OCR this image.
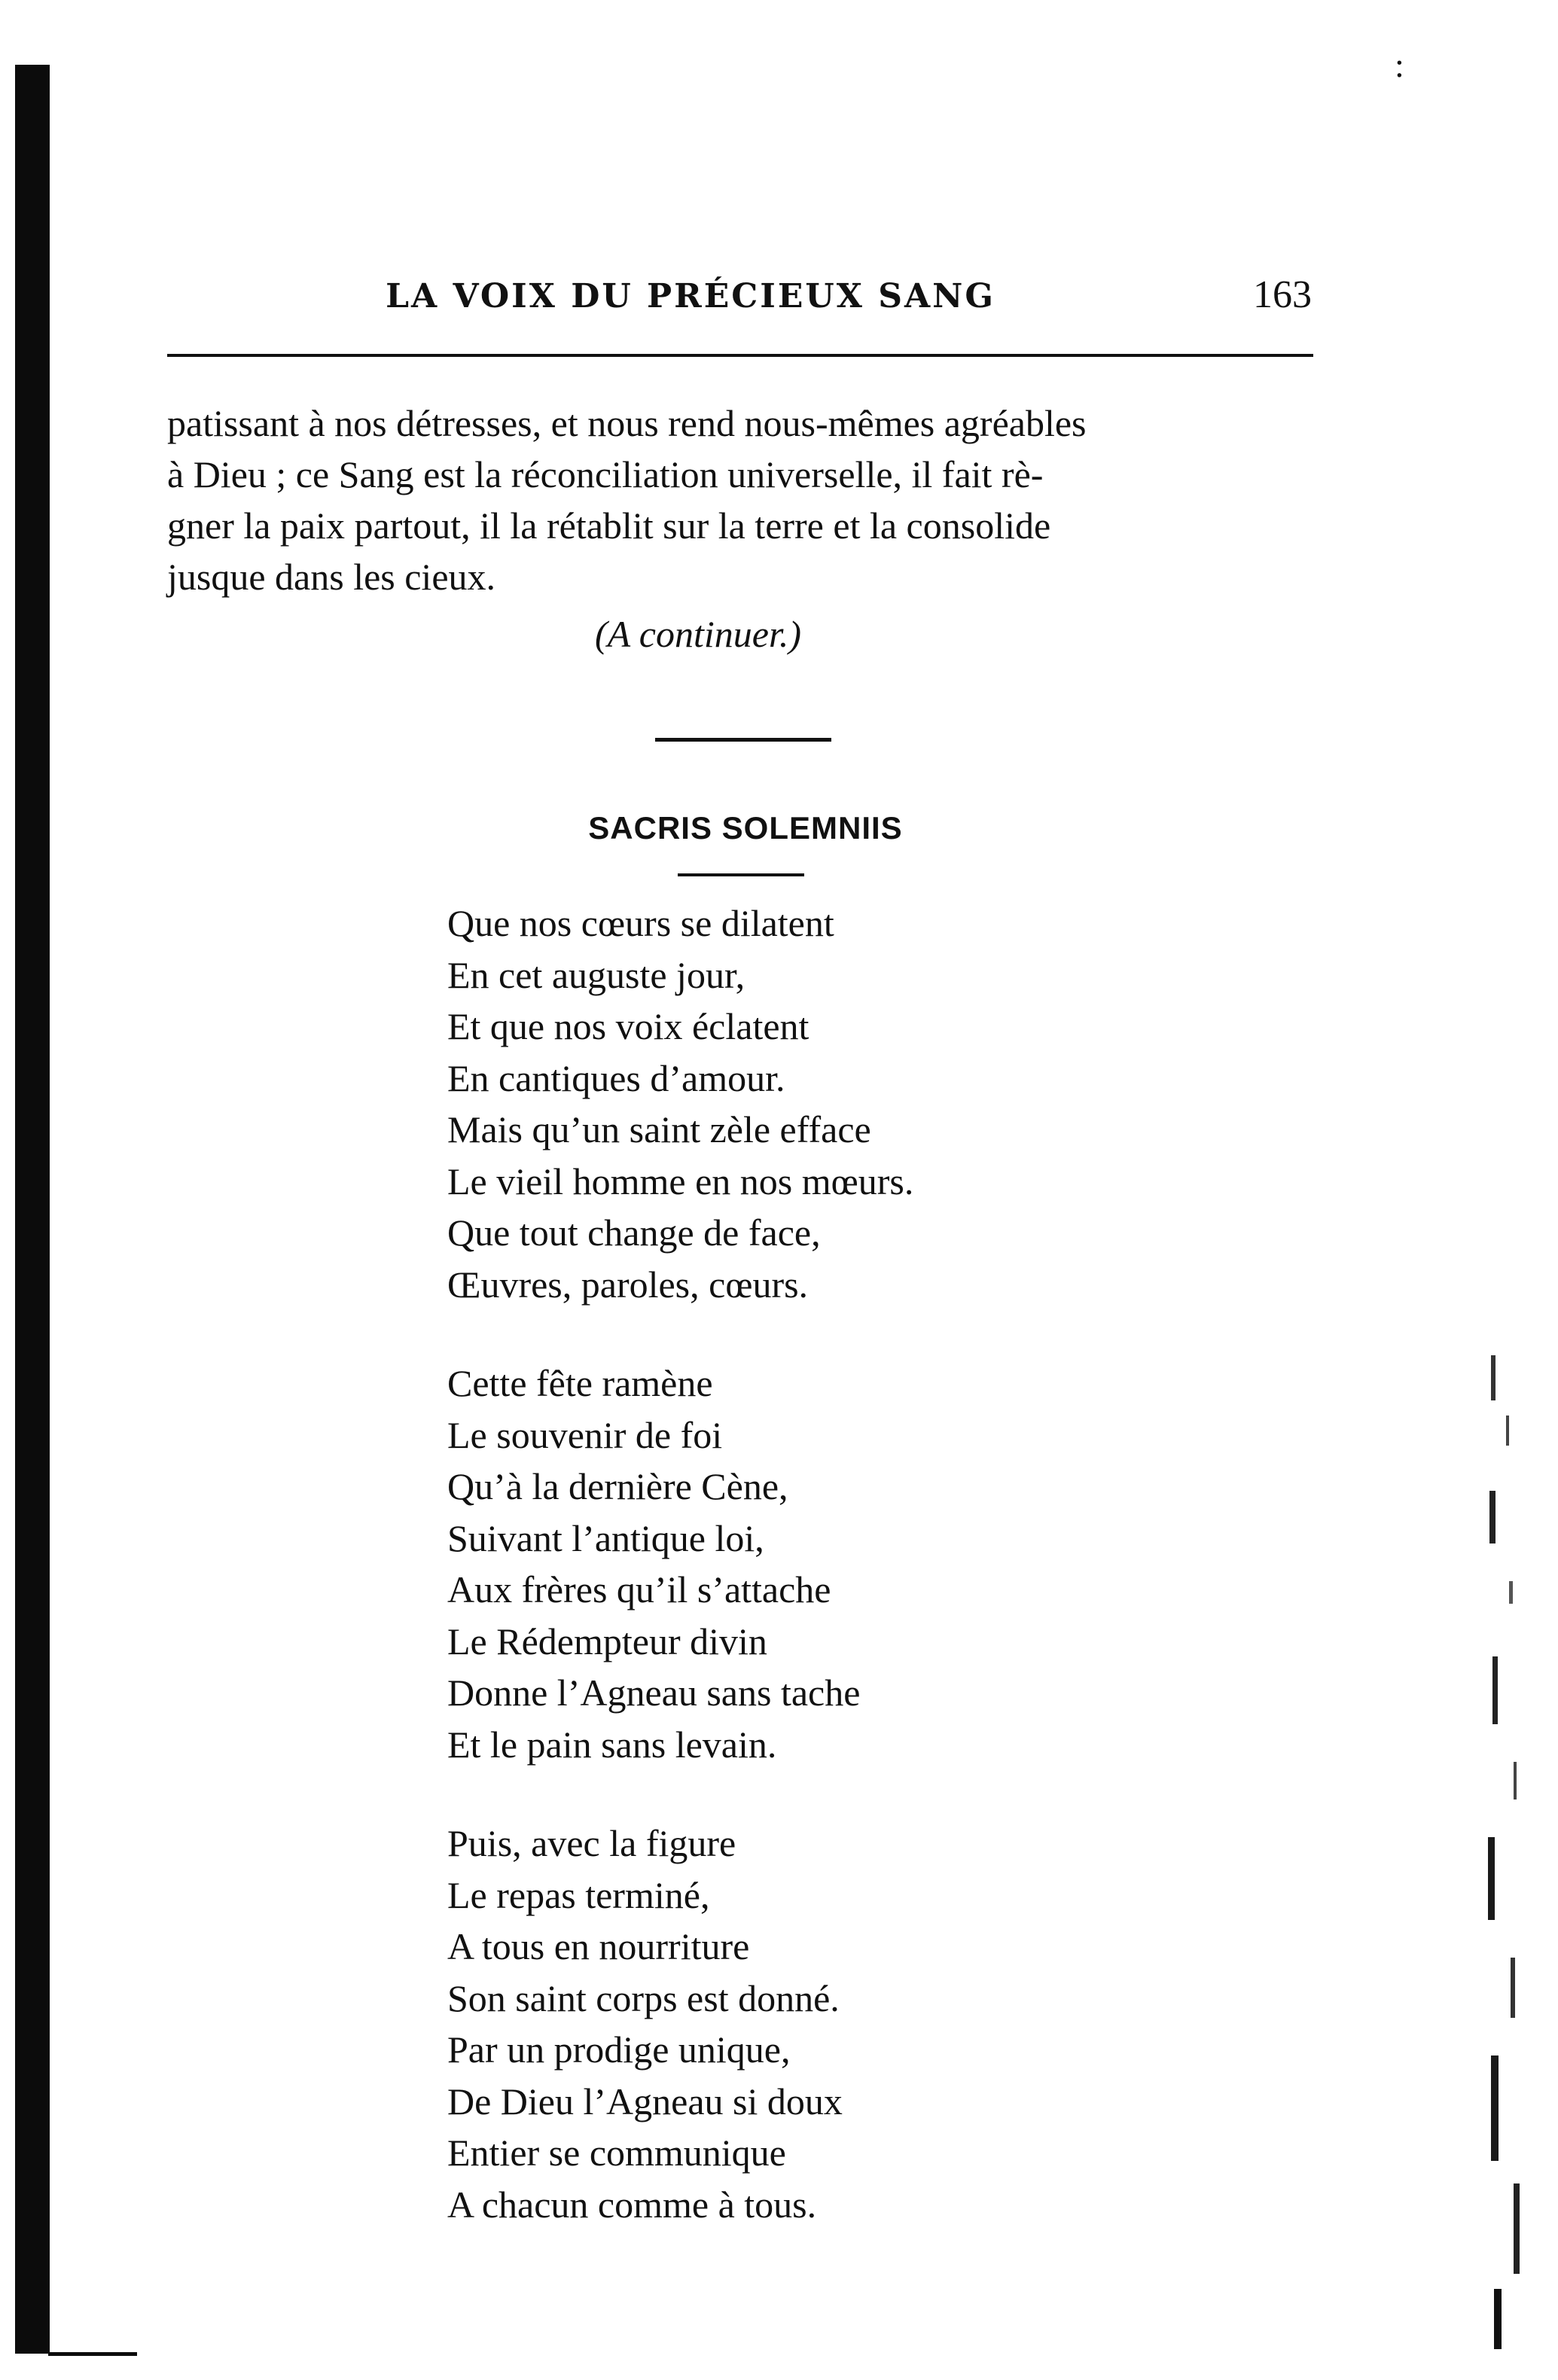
:
LA VOIX DU PRÉCIEUX SANG	163
patissant à nos détresses, et nous rend nous-mêmes agréables
à Dieu ; ce Sang est la réconciliation universelle, il fait rè-
gner la paix partout, il la rétablit sur la terre et la consolide
jusque dans les cieux.
(A continuer.)
SACRIS SOLEMNIIS
Que nos cœurs se dilatent
En cet auguste jour,
Et que nos voix éclatent
En cantiques d’amour.
Mais qu’un saint zèle efface
Le vieil homme en nos mœurs.
Que tout change de face,
Œuvres, paroles, cœurs.
Cette fête ramène
Le souvenir de foi
Qu’à la dernière Cène,
Suivant l’antique loi,
Aux frères qu’il s’attache
Le Rédempteur divin
Donne l’Agneau sans tache
Et le pain sans levain.
Puis, avec la figure
Le repas terminé,
A tous en nourriture
Son saint corps est donné.
Par un prodige unique,
De Dieu l’Agneau si doux
Entier se communique
A chacun comme à tous.
